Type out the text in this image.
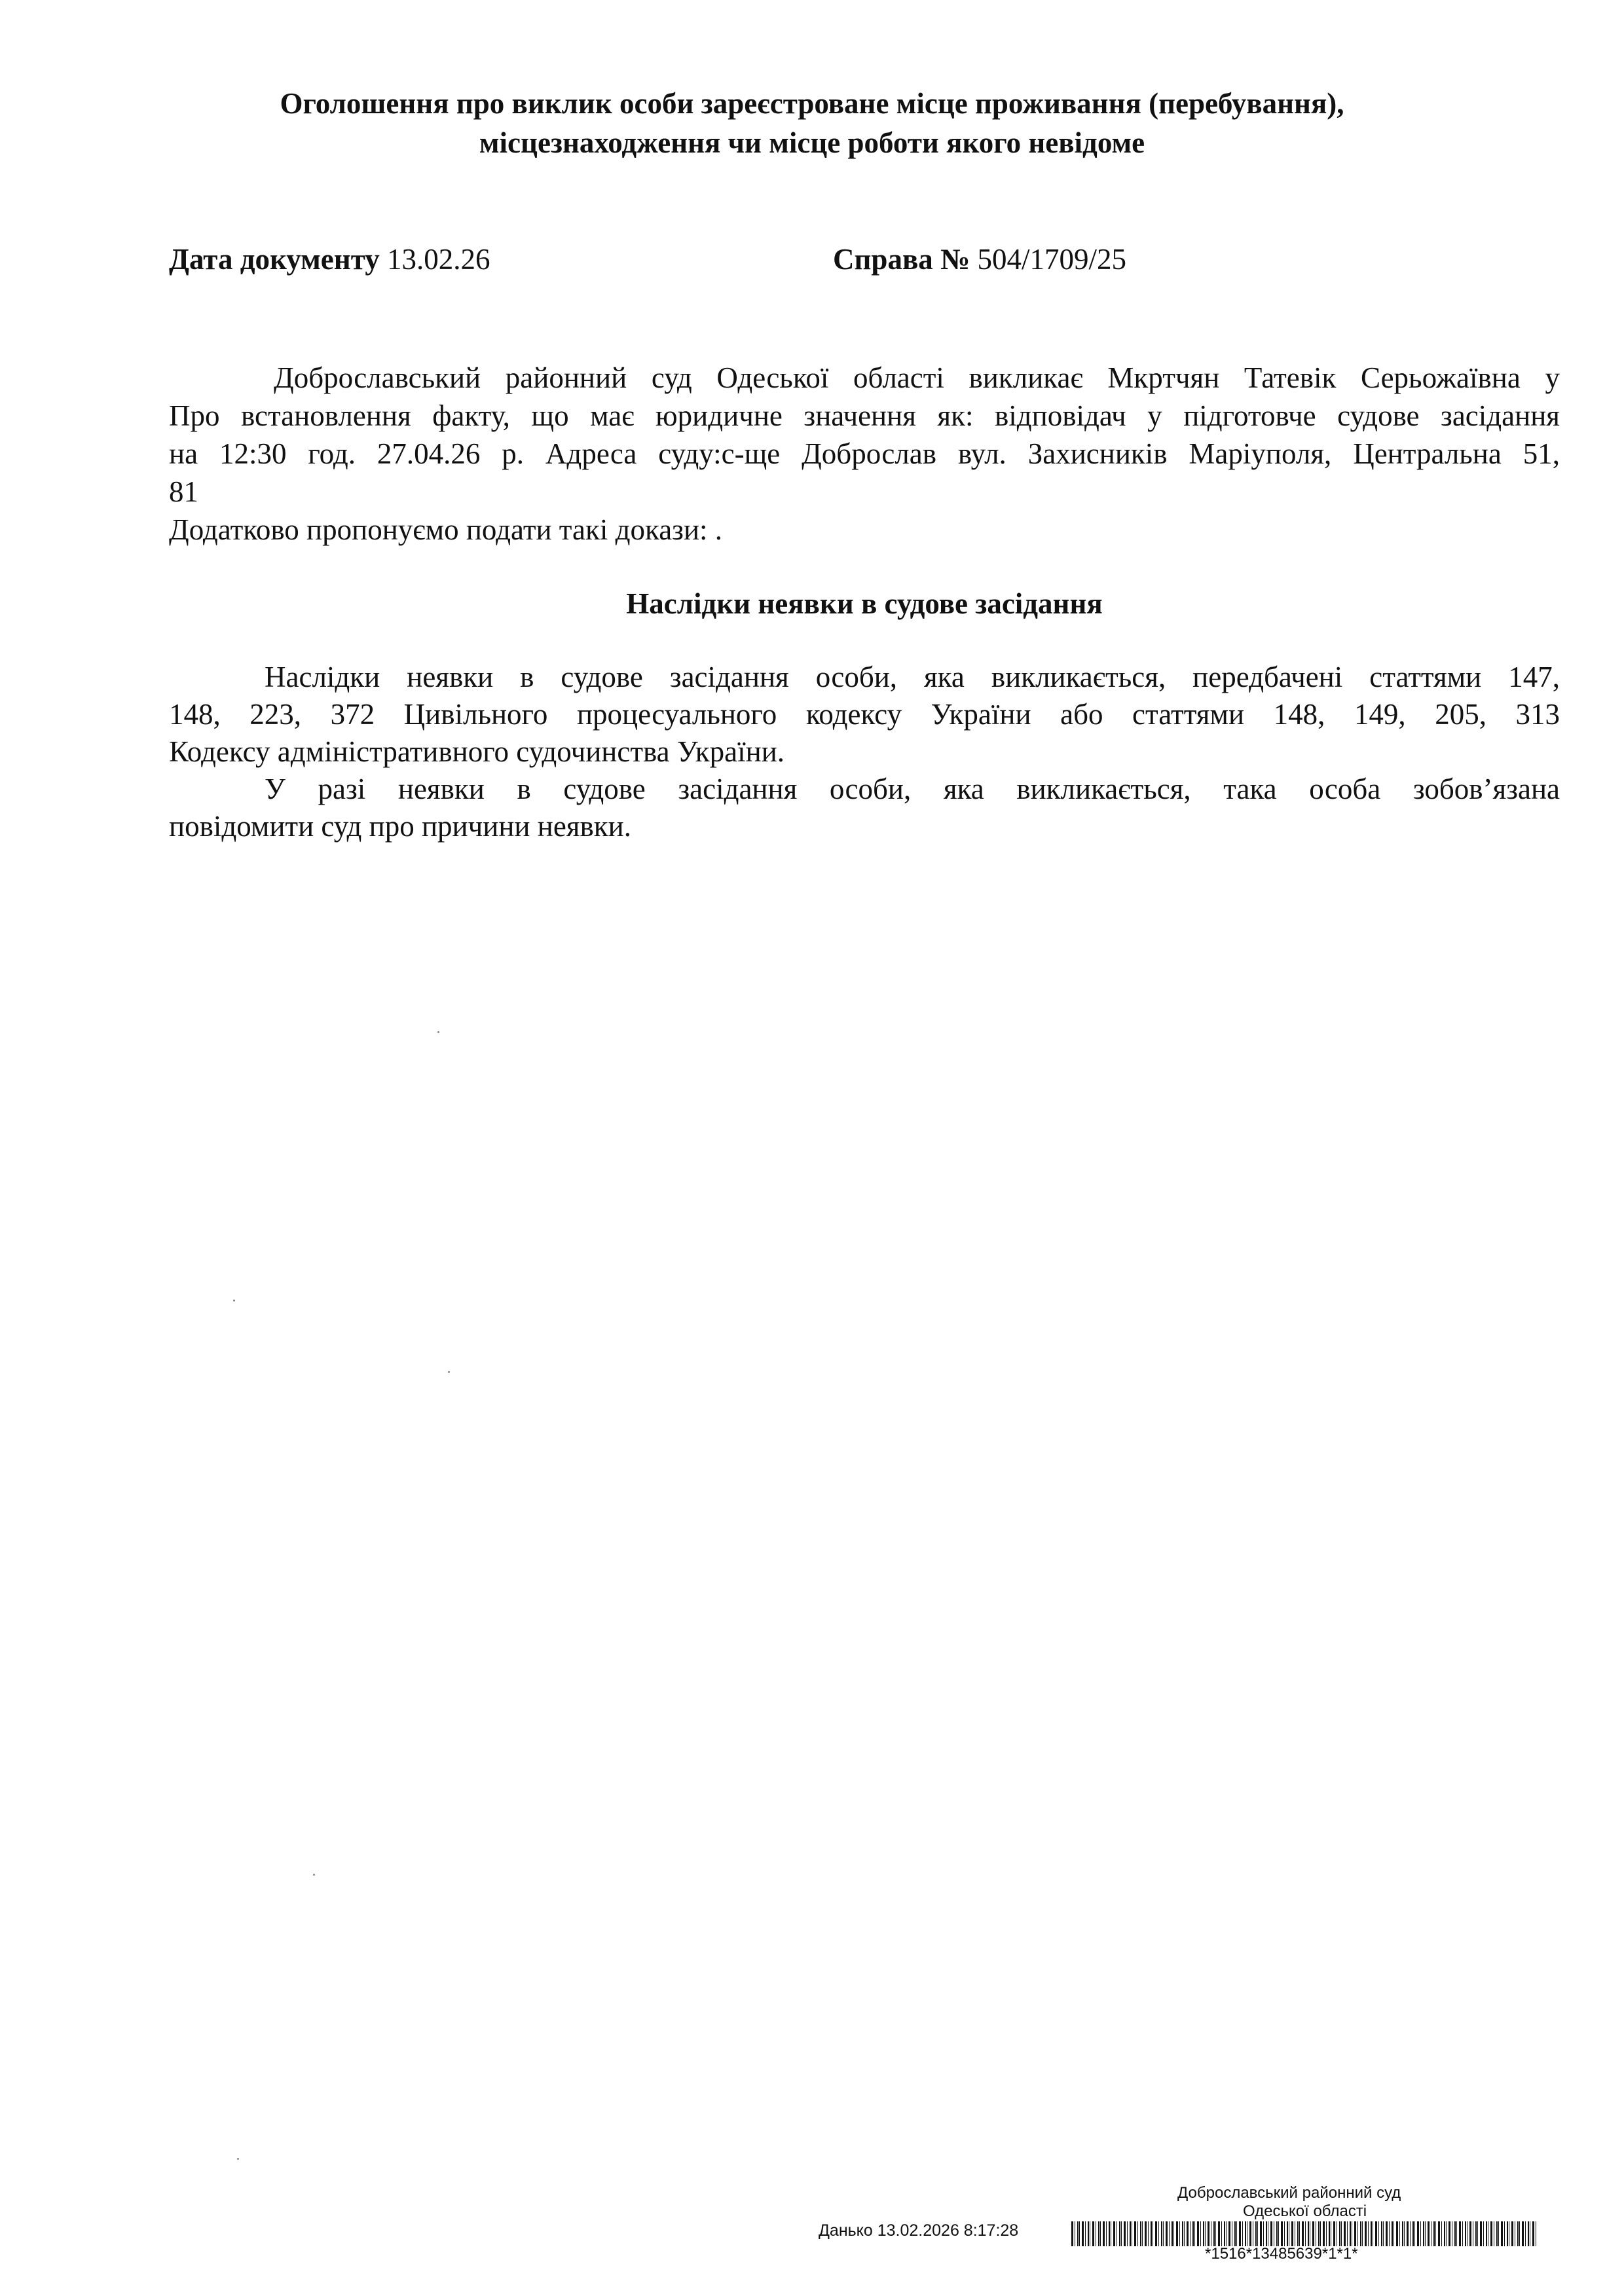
Оголошення про виклик особи зареєстроване місце проживання (перебування),
місцезнаходження чи місце роботи якого невідоме
Дата документу 13.02.26	Справа № 504/1709/25
Доброславський районний суд Одеської області викликає Мкртчян Татевік Серьожаївна у
Про встановлення факту, що має юридичне значення як: відповідач у підготовче судове засідання
на 12:30 год. 27.04.26 р. Адреса суду:с-ще Доброслав вул. Захисників Маріуполя, Центральна 51,
81
Додатково пропонуємо подати такі докази: .
Наслідки неявки в судове засідання
Наслідки неявки в судове засідання особи, яка викликається, передбачені статтями 147,
148, 223, 372 Цивільного процесуального кодексу України або статтями 148, 149, 205, 313
Кодексу адміністративного судочинства України.
У разі неявки в судове засідання особи, яка викликається, така особа зобов’язана
повідомити суд про причини неявки.
Доброславський районний суд
Одеської області
Данько 13.02.2026 8:17:28
*1516*13485639*1*1*
